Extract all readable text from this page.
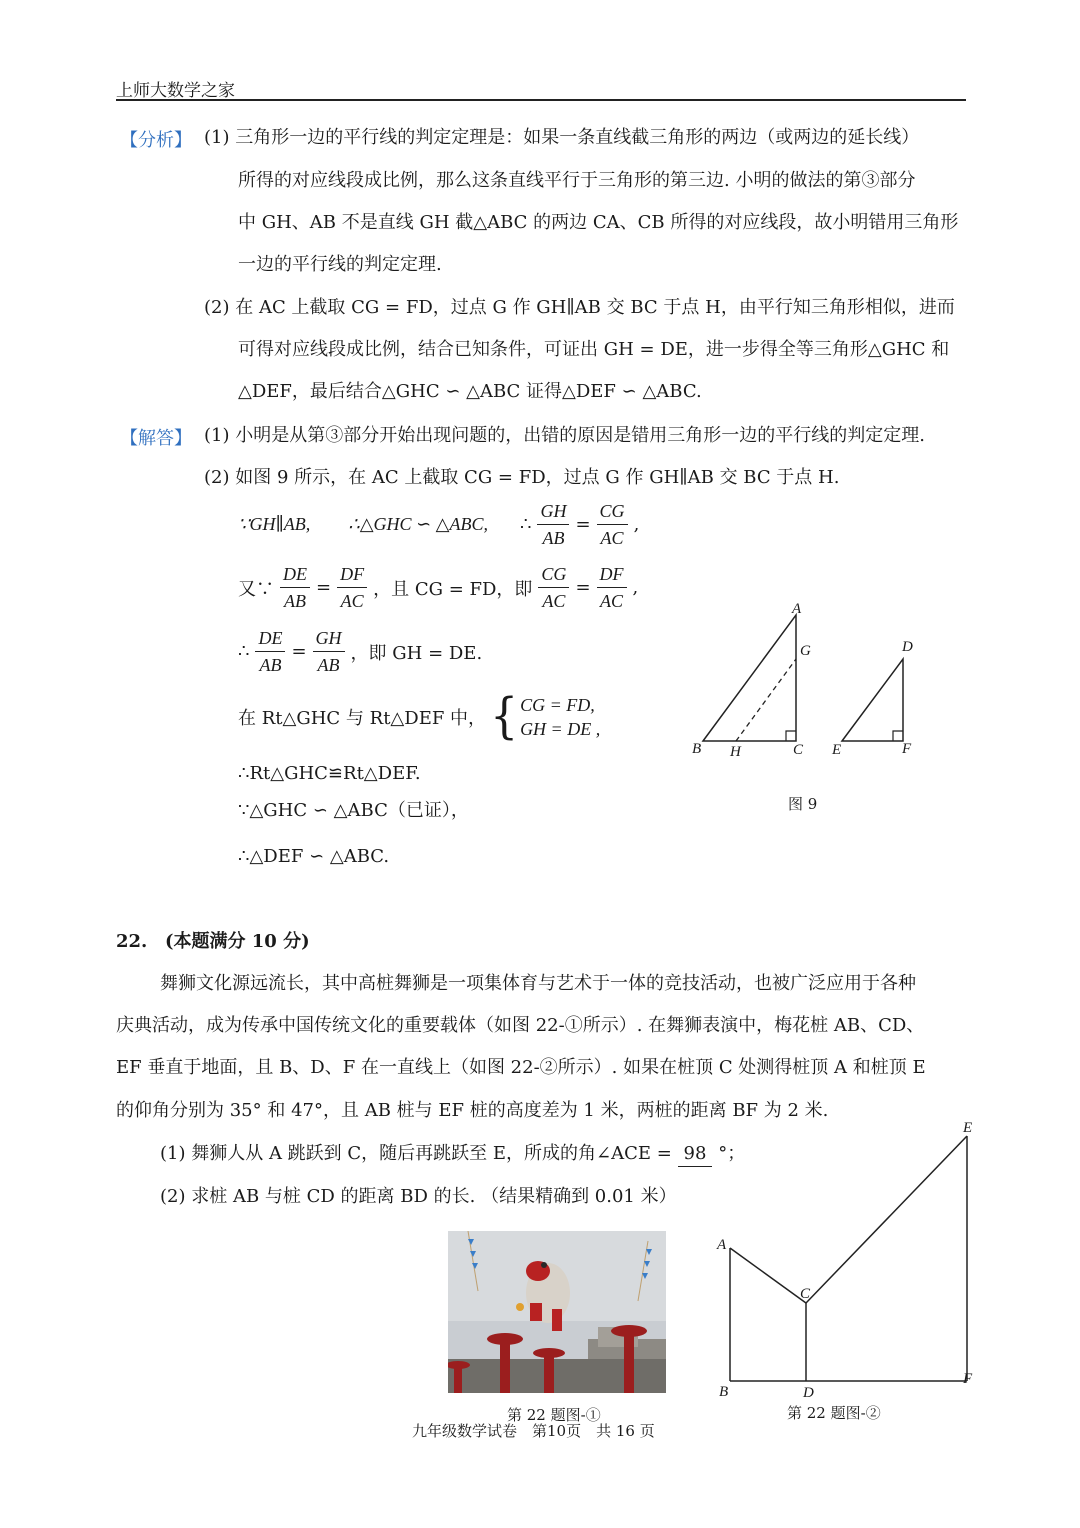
上师大数学之家
【分析】 (1) 三角形一边的平行线的判定定理是：如果一条直线截三角形的两边（或两边的延长线）
所得的对应线段成比例，那么这条直线平行于三角形的第三边. 小明的做法的第③部分
中 GH、AB 不是直线 GH 截△ABC 的两边 CA、CB 所得的对应线段，故小明错用三角形
一边的平行线的判定定理.
(2) 在 AC 上截取 CG = FD，过点 G 作 GH∥AB 交 BC 于点 H，由平行知三角形相似，进而
可得对应线段成比例，结合已知条件，可证出 GH = DE，进一步得全等三角形△GHC 和
△DEF，最后结合△GHC ∽ △ABC 证得△DEF ∽ △ABC.
【解答】 (1) 小明是从第③部分开始出现问题的，出错的原因是错用三角形一边的平行线的判定定理.
(2) 如图 9 所示，在 AC 上截取 CG = FD，过点 G 作 GH∥AB 交 BC 于点 H.
∵GH∥AB, ∴△GHC ∽ △ABC, ∴ $\frac{GH}{AB} = \frac{CG}{AC}$ ,
又∵ $\frac{DE}{AB} = \frac{DF}{AC}$ ，且 CG = FD，即 $\frac{CG}{AC} = \frac{DF}{AC}$ ,
∴ $\frac{DE}{AB} = \frac{GH}{AB}$ ，即 GH = DE.
在 Rt△GHC 与 Rt△DEF 中， { CG = FD,
GH = DE ,
∴Rt△GHC≌Rt△DEF.
∵△GHC ∽ △ABC（已证），
∴△DEF ∽ △ABC.
A
G
B H	C
D
E	F
图 9
22. (本题满分 10 分)
舞狮文化源远流长，其中高桩舞狮是一项集体育与艺术于一体的竞技活动，也被广泛应用于各种
庆典活动，成为传承中国传统文化的重要载体（如图 22-①所示）. 在舞狮表演中，梅花桩 AB、CD、
EF 垂直于地面，且 B、D、F 在一直线上（如图 22-②所示）. 如果在桩顶 C 处测得桩顶 A 和桩顶 E
的仰角分别为 35° 和 47°，且 AB 桩与 EF 桩的高度差为 1 米，两桩的距离 BF 为 2 米.
(1) 舞狮人从 A 跳跃到 C，随后再跳跃至 E，所成的角∠ACE = 98 °；
(2) 求桩 AB 与桩 CD 的距离 BD 的长. （结果精确到 0.01 米）
第 22 题图-①
A
B
C
D
E
F
第 22 题图-②
九年级数学试卷　第10页　共 16 页
